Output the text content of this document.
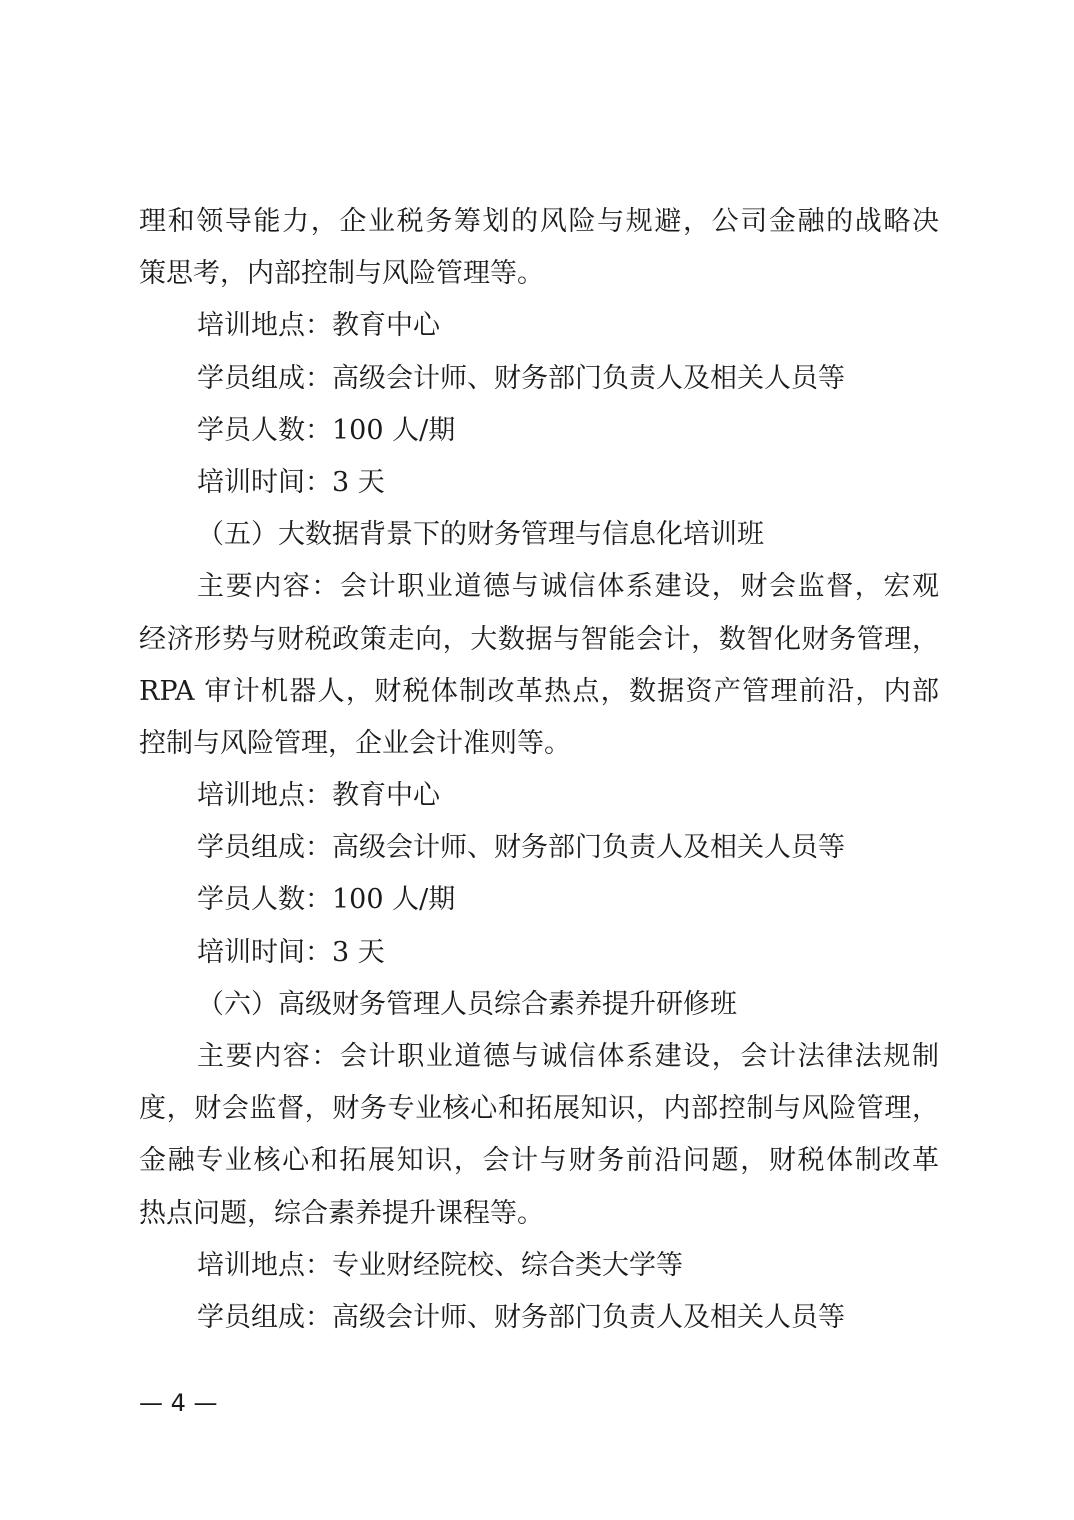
理和领导能力，企业税务筹划的风险与规避，公司金融的战略决
策思考，内部控制与风险管理等。
培训地点：教育中心
学员组成：高级会计师、财务部门负责人及相关人员等
学员人数：100 人/期
培训时间：3 天
（五）大数据背景下的财务管理与信息化培训班
主要内容：会计职业道德与诚信体系建设，财会监督，宏观
经济形势与财税政策走向，大数据与智能会计，数智化财务管理，
RPA 审计机器人，财税体制改革热点，数据资产管理前沿，内部
控制与风险管理，企业会计准则等。
培训地点：教育中心
学员组成：高级会计师、财务部门负责人及相关人员等
学员人数：100 人/期
培训时间：3 天
（六）高级财务管理人员综合素养提升研修班
主要内容：会计职业道德与诚信体系建设，会计法律法规制
度，财会监督，财务专业核心和拓展知识，内部控制与风险管理，
金融专业核心和拓展知识，会计与财务前沿问题，财税体制改革
热点问题，综合素养提升课程等。
培训地点：专业财经院校、综合类大学等
学员组成：高级会计师、财务部门负责人及相关人员等
— 4 —
